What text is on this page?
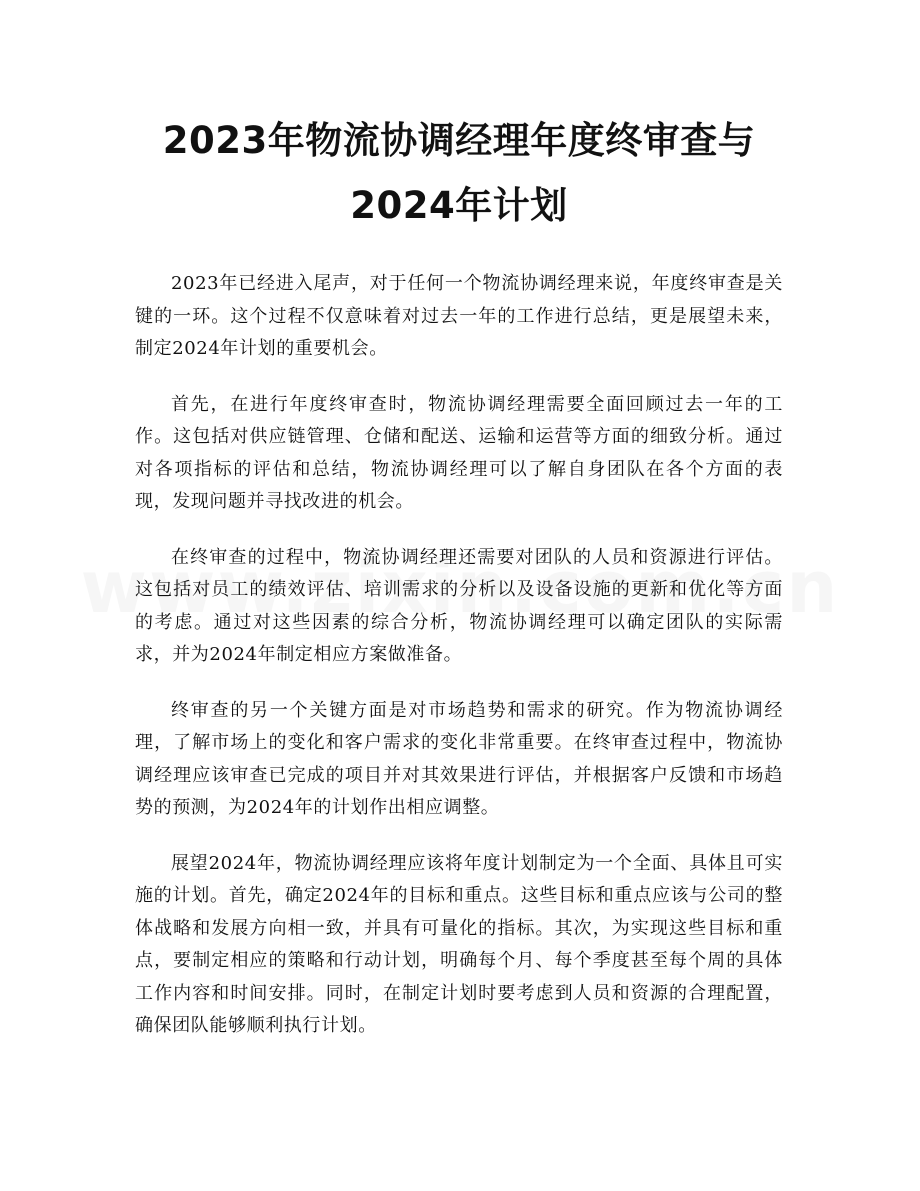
2023年物流协调经理年度终审查与2024年计划

2023年已经进入尾声，对于任何一个物流协调经理来说，年度终审查是关键的一环。这个过程不仅意味着对过去一年的工作进行总结，更是展望未来，制定2024年计划的重要机会。

首先，在进行年度终审查时，物流协调经理需要全面回顾过去一年的工作。这包括对供应链管理、仓储和配送、运输和运营等方面的细致分析。通过对各项指标的评估和总结，物流协调经理可以了解自身团队在各个方面的表现，发现问题并寻找改进的机会。

在终审查的过程中，物流协调经理还需要对团队的人员和资源进行评估。这包括对员工的绩效评估、培训需求的分析以及设备设施的更新和优化等方面的考虑。通过对这些因素的综合分析，物流协调经理可以确定团队的实际需求，并为2024年制定相应方案做准备。

终审查的另一个关键方面是对市场趋势和需求的研究。作为物流协调经理，了解市场上的变化和客户需求的变化非常重要。在终审查过程中，物流协调经理应该审查已完成的项目并对其效果进行评估，并根据客户反馈和市场趋势的预测，为2024年的计划作出相应调整。

展望2024年，物流协调经理应该将年度计划制定为一个全面、具体且可实施的计划。首先，确定2024年的目标和重点。这些目标和重点应该与公司的整体战略和发展方向相一致，并具有可量化的指标。其次，为实现这些目标和重点，要制定相应的策略和行动计划，明确每个月、每个季度甚至每个周的具体工作内容和时间安排。同时，在制定计划时要考虑到人员和资源的合理配置，确保团队能够顺利执行计划。
